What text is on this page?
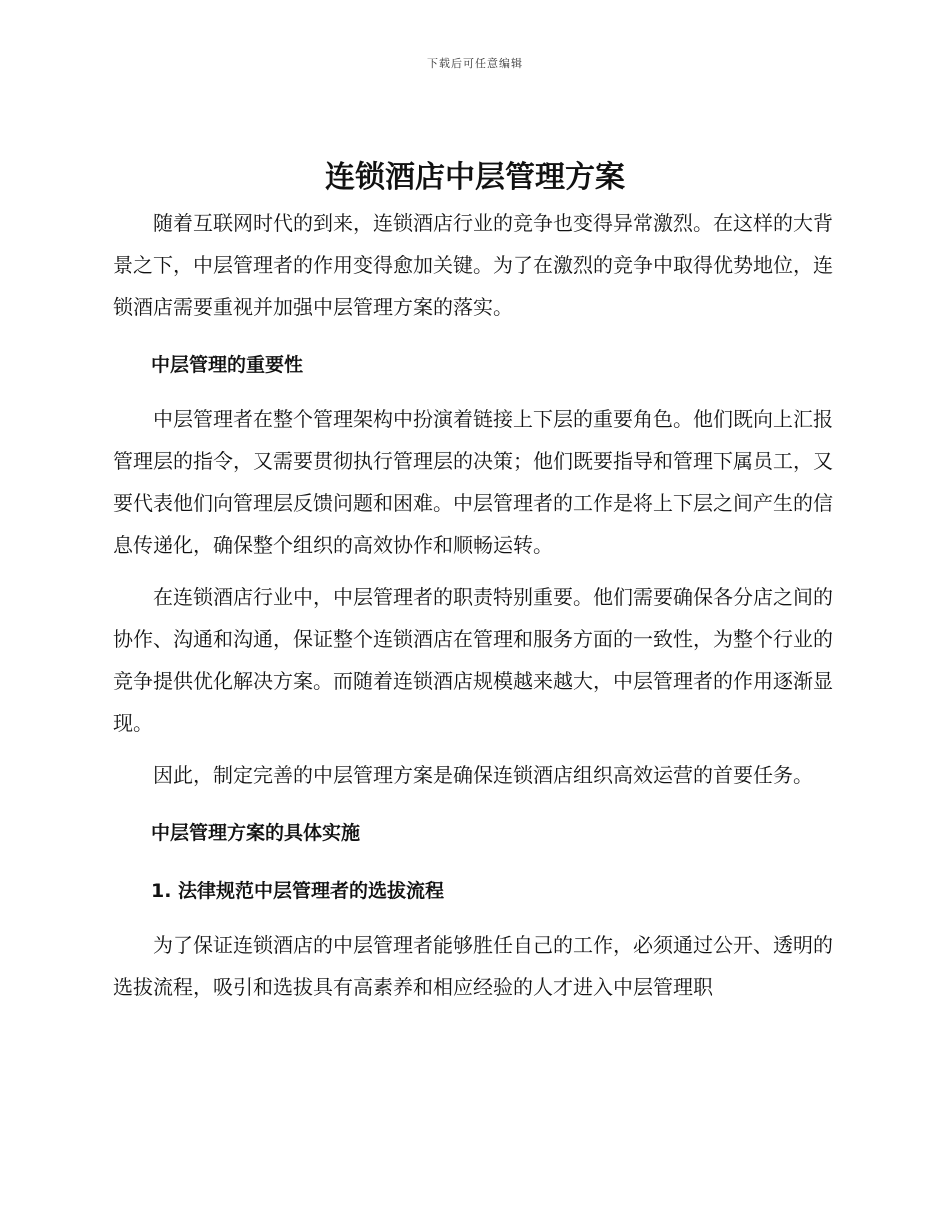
下载后可任意编辑
连锁酒店中层管理方案

随着互联网时代的到来，连锁酒店行业的竞争也变得异常激烈。在这样的大背景之下，中层管理者的作用变得愈加关键。为了在激烈的竞争中取得优势地位，连锁酒店需要重视并加强中层管理方案的落实。

中层管理的重要性

中层管理者在整个管理架构中扮演着链接上下层的重要角色。他们既向上汇报管理层的指令，又需要贯彻执行管理层的决策；他们既要指导和管理下属员工，又要代表他们向管理层反馈问题和困难。中层管理者的工作是将上下层之间产生的信息传递化，确保整个组织的高效协作和顺畅运转。

在连锁酒店行业中，中层管理者的职责特别重要。他们需要确保各分店之间的协作、沟通和沟通，保证整个连锁酒店在管理和服务方面的一致性，为整个行业的竞争提供优化解决方案。而随着连锁酒店规模越来越大，中层管理者的作用逐渐显现。

因此，制定完善的中层管理方案是确保连锁酒店组织高效运营的首要任务。

中层管理方案的具体实施
1. 法律规范中层管理者的选拔流程

为了保证连锁酒店的中层管理者能够胜任自己的工作，必须通过公开、透明的选拔流程，吸引和选拔具有高素养和相应经验的人才进入中层管理职
